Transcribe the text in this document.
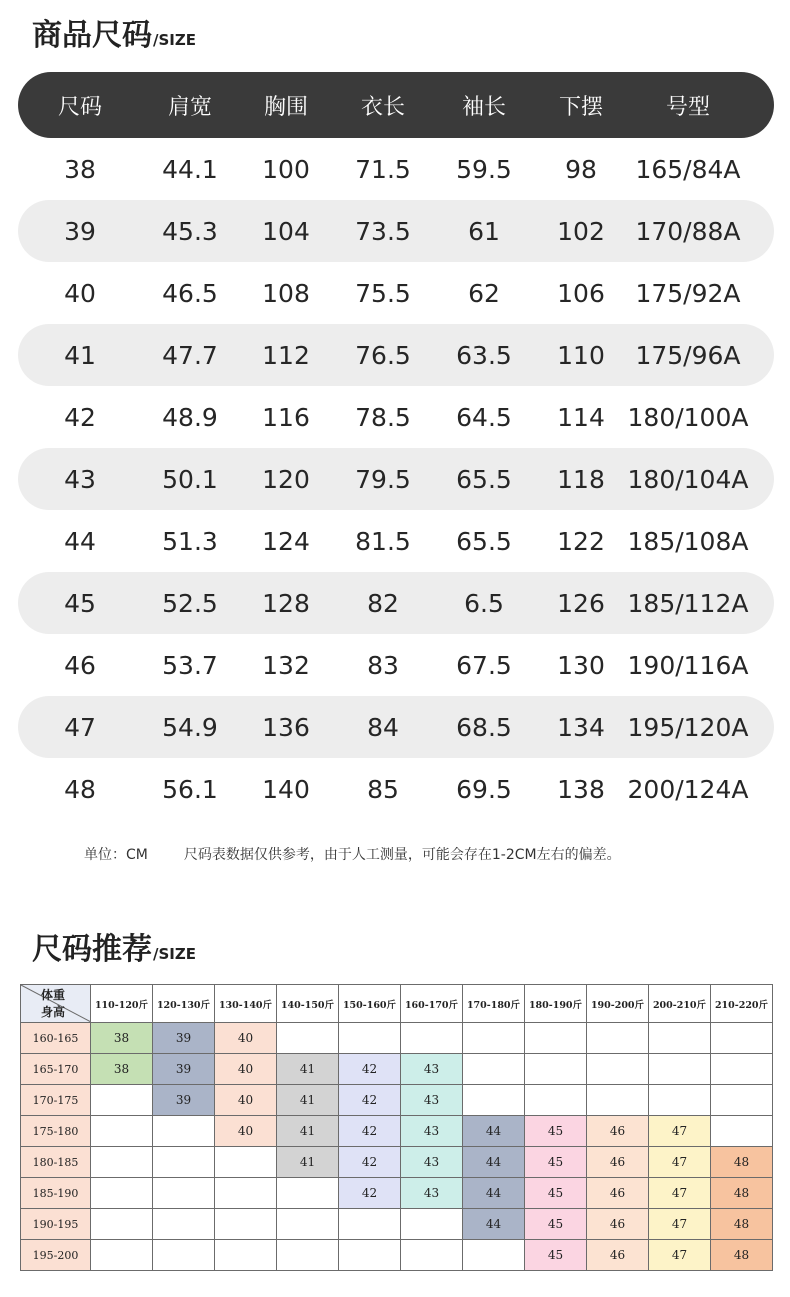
商品尺码/SIZE
尺码	肩宽	胸围	衣长	袖长	下摆	号型
38	44.1	100	71.5	59.5	98	165/84A
39	45.3	104	73.5	61	102	170/88A
40	46.5	108	75.5	62	106	175/92A
41	47.7	112	76.5	63.5	110	175/96A
42	48.9	116	78.5	64.5	114 180/100A
43	50.1	120	79.5	65.5	118 180/104A
44	51.3	124	81.5	65.5	122 185/108A
45	52.5	128	82	6.5	126 185/112A
46	53.7	132	83	67.5	130 190/116A
47	54.9	136	84	68.5	134 195/120A
48	56.1	140	85	69.5	138 200/124A
单位：CM	尺码表数据仅供参考，由于人工测量，可能会存在1-2CM左右的偏差。
尺码推荐/SIZE
体重
身高	110-120斤	120-130斤	130-140斤	140-150斤	150-160斤	160-170斤	170-180斤	180-190斤	190-200斤	200-210斤	210-220斤
160-165	38	39	40								
165-170	38	39	40	41	42	43					
170-175		39	40	41	42	43					
175-180			40	41	42	43	44	45	46	47	
180-185				41	42	43	44	45	46	47	48
185-190					42	43	44	45	46	47	48
190-195							44	45	46	47	48
195-200								45	46	47	48
